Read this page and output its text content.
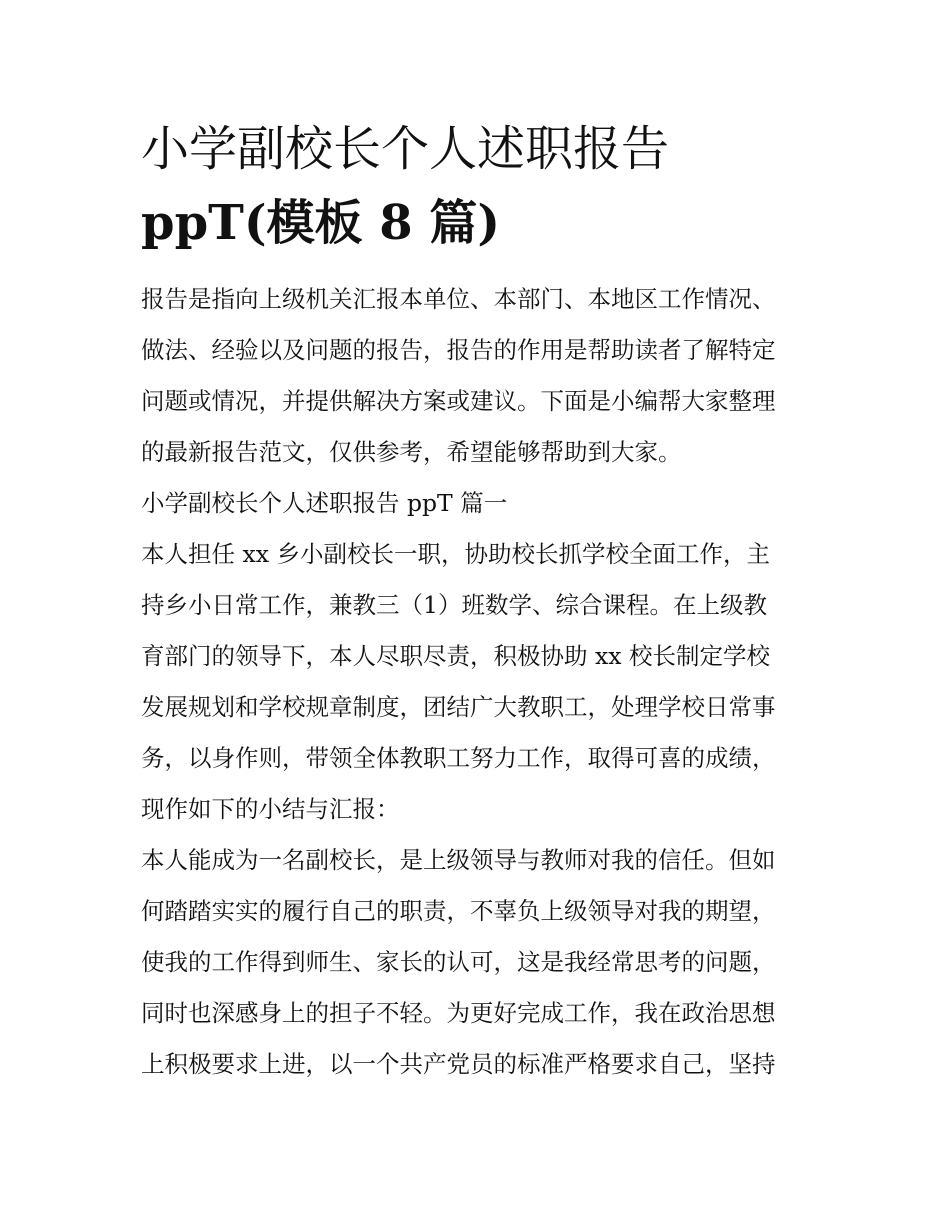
小学副校长个人述职报告
ppT(模板 8 篇)
报告是指向上级机关汇报本单位、本部门、本地区工作情况、
做法、经验以及问题的报告，报告的作用是帮助读者了解特定
问题或情况，并提供解决方案或建议。下面是小编帮大家整理
的最新报告范文，仅供参考，希望能够帮助到大家。
小学副校长个人述职报告 ppT 篇一
本人担任 xx 乡小副校长一职，协助校长抓学校全面工作，主
持乡小日常工作，兼教三（1）班数学、综合课程。在上级教
育部门的领导下，本人尽职尽责，积极协助 xx 校长制定学校
发展规划和学校规章制度，团结广大教职工，处理学校日常事
务，以身作则，带领全体教职工努力工作，取得可喜的成绩，
现作如下的小结与汇报：
本人能成为一名副校长，是上级领导与教师对我的信任。但如
何踏踏实实的履行自己的职责，不辜负上级领导对我的期望，
使我的工作得到师生、家长的认可，这是我经常思考的问题，
同时也深感身上的担子不轻。为更好完成工作，我在政治思想
上积极要求上进，以一个共产党员的标准严格要求自己，坚持
